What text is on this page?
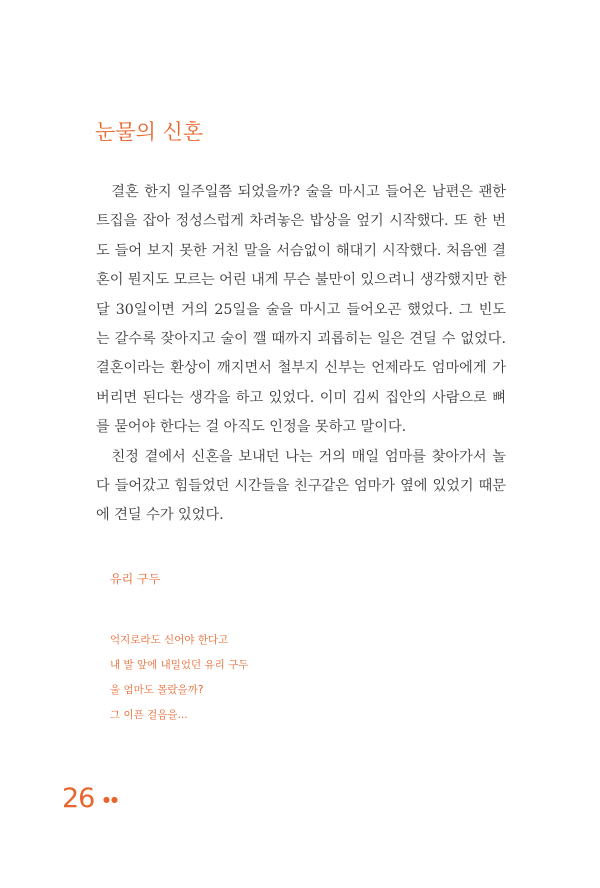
눈물의 신혼

　결혼 한지 일주일쯤 되었을까? 술을 마시고 들어온 남편은 괜한
트집을 잡아 정성스럽게 차려놓은 밥상을 엎기 시작했다. 또 한 번
도 들어 보지 못한 거친 말을 서슴없이 해대기 시작했다. 처음엔 결
혼이 뭔지도 모르는 어린 내게 무슨 불만이 있으려니 생각했지만 한
달 30일이면 거의 25일을 술을 마시고 들어오곤 했었다. 그 빈도
는 갈수록 잦아지고 술이 깰 때까지 괴롭히는 일은 견딜 수 없었다.
결혼이라는 환상이 깨지면서 철부지 신부는 언제라도 엄마에게 가
버리면 된다는 생각을 하고 있었다. 이미 김씨 집안의 사람으로 뼈
를 묻어야 한다는 걸 아직도 인정을 못하고 말이다.

　친정 곁에서 신혼을 보내던 나는 거의 매일 엄마를 찾아가서 놀
다 들어갔고 힘들었던 시간들을 친구같은 엄마가 옆에 있었기 때문
에 견딜 수가 있었다.

유리 구두
억지로라도 신어야 한다고
내 발 앞에 내밀었던 유리 구두
울 엄마도 몰랐을까?
그 이픈 걸음을...
26 ●●
